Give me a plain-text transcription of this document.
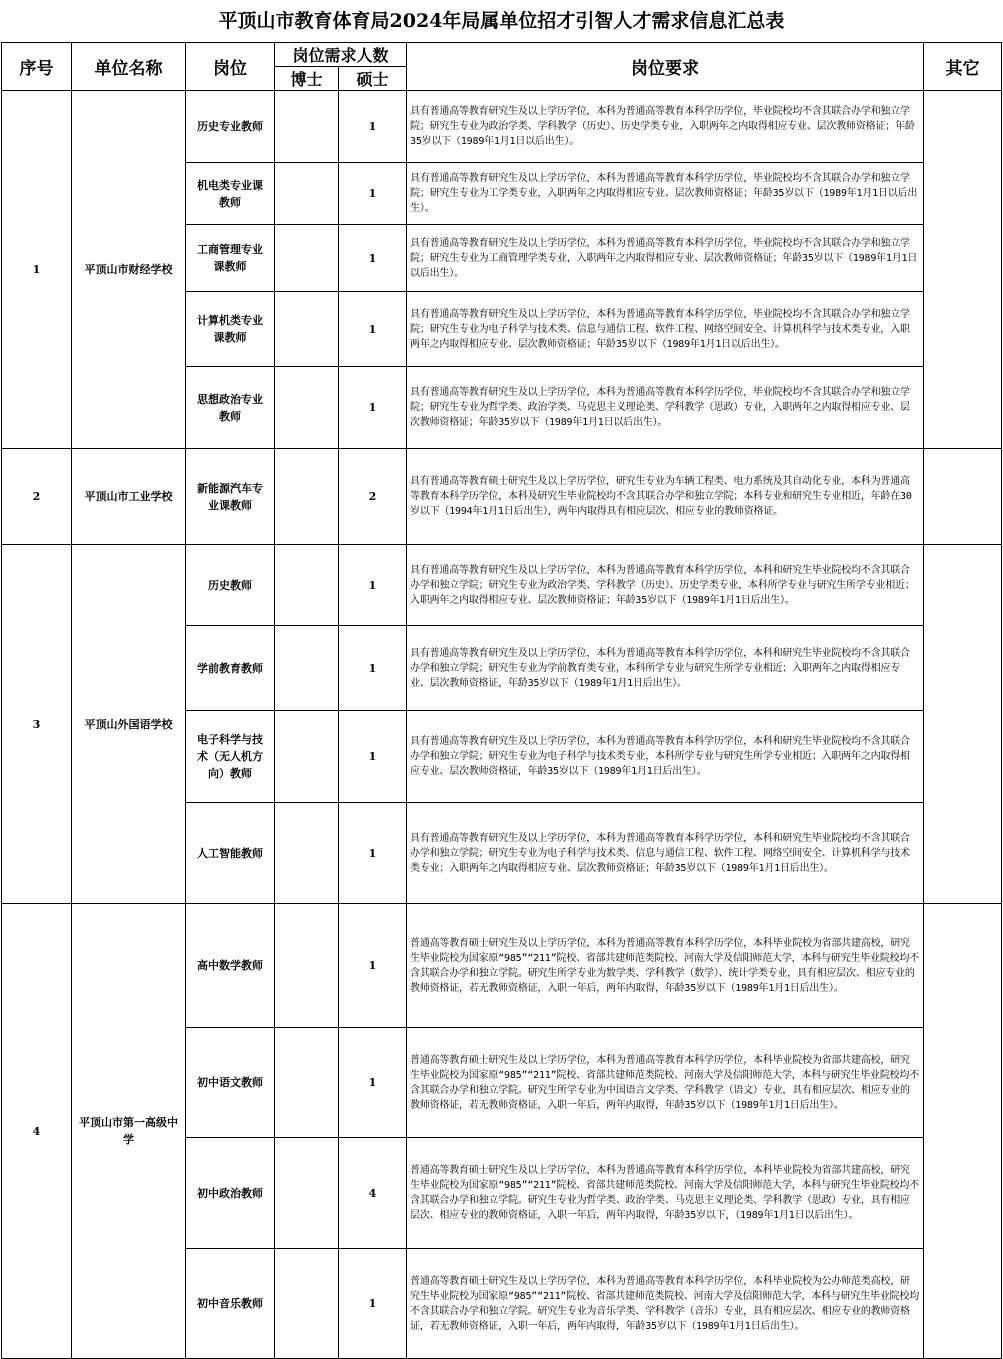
平顶山市教育体育局2024年局属单位招才引智人才需求信息汇总表
序号	单位名称	岗位	岗位需求人数		岗位要求	其它
			博士	硕士		
1	平顶山市财经学校	历史专业教师		1	具有普通高等教育研究生及以上学历学位，本科为普通高等教育本科学历学位，毕业院校均不含其联合办学和独立学院；研究生专业为政治学类、学科教学（历史）、历史学类专业，入职两年之内取得相应专业、层次教师资格证；年龄35岁以下（1989年1月1日以后出生）。	
		机电类专业课教师		1	具有普通高等教育研究生及以上学历学位，本科为普通高等教育本科学历学位，毕业院校均不含其联合办学和独立学院；研究生专业为工学类专业，入职两年之内取得相应专业、层次教师资格证；年龄35岁以下（1989年1月1日以后出生）。	
		工商管理专业课教师		1	具有普通高等教育研究生及以上学历学位，本科为普通高等教育本科学历学位，毕业院校均不含其联合办学和独立学院；研究生专业为工商管理学类专业，入职两年之内取得相应专业、层次教师资格证；年龄35岁以下（1989年1月1日以后出生）。	
		计算机类专业课教师		1	具有普通高等教育研究生及以上学历学位，本科为普通高等教育本科学历学位，毕业院校均不含其联合办学和独立学院；研究生专业为电子科学与技术类、信息与通信工程、软件工程、网络空间安全、计算机科学与技术类专业，入职两年之内取得相应专业、层次教师资格证；年龄35岁以下（1989年1月1日以后出生）。	
		思想政治专业教师		1	具有普通高等教育研究生及以上学历学位，本科为普通高等教育本科学历学位，毕业院校均不含其联合办学和独立学院；研究生专业为哲学类、政治学类、马克思主义理论类、学科教学（思政）专业，入职两年之内取得相应专业、层次教师资格证；年龄35岁以下（1989年1月1日以后出生）。	
2	平顶山市工业学校	新能源汽车专业课教师		2	具有普通高等教育硕士研究生及以上学历学位，研究生专业为车辆工程类、电力系统及其自动化专业，本科为普通高等教育本科学历学位，本科及研究生毕业院校均不含其联合办学和独立学院；本科专业和研究生专业相近，年龄在30岁以下（1994年1月1日后出生），两年内取得具有相应层次、相应专业的教师资格证。	
3	平顶山外国语学校	历史教师		1	具有普通高等教育研究生及以上学历学位，本科为普通高等教育本科学历学位，本科和研究生毕业院校均不含其联合办学和独立学院；研究生专业为政治学类、学科教学（历史）、历史学类专业，本科所学专业与研究生所学专业相近；入职两年之内取得相应专业、层次教师资格证；年龄35岁以下（1989年1月1日后出生）。	
		学前教育教师		1	具有普通高等教育研究生及以上学历学位，本科为普通高等教育本科学历学位，本科和研究生毕业院校均不含其联合办学和独立学院；研究生专业为学前教育类专业，本科所学专业与研究生所学专业相近；入职两年之内取得相应专业、层次教师资格证，年龄35岁以下（1989年1月1日后出生）。	
		电子科学与技术（无人机方向）教师		1	具有普通高等教育研究生及以上学历学位，本科为普通高等教育本科学历学位，本科和研究生毕业院校均不含其联合办学和独立学院；研究生专业为电子科学与技术类专业，本科所学专业与研究生所学专业相近；入职两年之内取得相应专业、层次教师资格证，年龄35岁以下（1989年1月1日后出生）。	
		人工智能教师		1	具有普通高等教育研究生及以上学历学位，本科为普通高等教育本科学历学位，本科和研究生毕业院校均不含其联合办学和独立学院；研究生专业为电子科学与技术类、信息与通信工程、软件工程、网络空间安全、计算机科学与技术类专业；入职两年之内取得相应专业、层次教师资格证；年龄35岁以下（1989年1月1日后出生）。	
4	平顶山市第一高级中学	高中数学教师		1	普通高等教育硕士研究生及以上学历学位，本科为普通高等教育本科学历学位，本科毕业院校为省部共建高校，研究生毕业院校为国家原“985”“211”院校、省部共建师范类院校、河南大学及信阳师范大学，本科与研究生毕业院校均不含其联合办学和独立学院。研究生所学专业为数学类、学科教学（数学）、统计学类专业，具有相应层次、相应专业的教师资格证，若无教师资格证，入职一年后，两年内取得，年龄35岁以下（1989年1月1日后出生）。	
		初中语文教师		1	普通高等教育硕士研究生及以上学历学位，本科为普通高等教育本科学历学位，本科毕业院校为省部共建高校，研究生毕业院校为国家原“985”“211”院校、省部共建师范类院校、河南大学及信阳师范大学，本科与研究生毕业院校均不含其联合办学和独立学院。研究生所学专业为中国语言文学类、学科教学（语文）专业，具有相应层次、相应专业的教师资格证，若无教师资格证，入职一年后，两年内取得，年龄35岁以下（1989年1月1日后出生）。	
		初中政治教师		4	普通高等教育硕士研究生及以上学历学位，本科为普通高等教育本科学历学位，本科毕业院校为省部共建高校，研究生毕业院校为国家原“985”“211”院校、省部共建师范类院校、河南大学及信阳师范大学，本科与研究生毕业院校均不含其联合办学和独立学院。研究生专业为哲学类、政治学类、马克思主义理论类、学科教学（思政）专业，具有相应层次、相应专业的教师资格证，入职一年后，两年内取得，年龄35岁以下，（1989年1月1日以后出生）。	
		初中音乐教师		1	普通高等教育硕士研究生及以上学历学位，本科为普通高等教育本科学历学位，本科毕业院校为公办师范类高校，研究生毕业院校为国家原“985”“211”院校、省部共建师范类院校、河南大学及信阳师范大学，本科与研究生毕业院校均不含其联合办学和独立学院。研究生专业为音乐学类、学科教学（音乐）专业，具有相应层次、相应专业的教师资格证，若无教师资格证，入职一年后，两年内取得，年龄35岁以下（1989年1月1日后出生）。	
